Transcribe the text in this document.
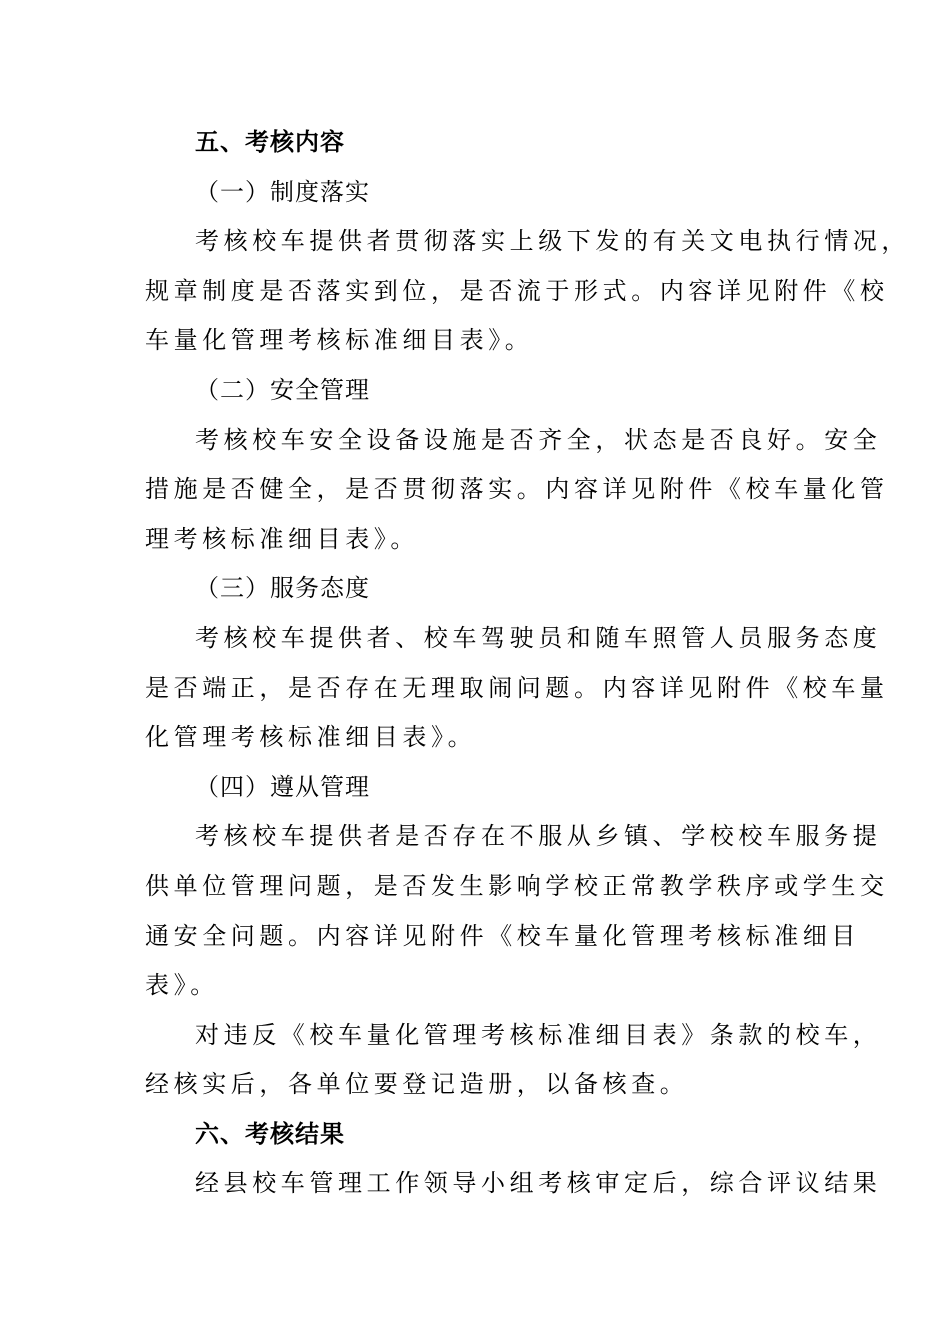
五、考核内容
（一）制度落实
考核校车提供者贯彻落实上级下发的有关文电执行情况，
规章制度是否落实到位，是否流于形式。内容详见附件《校
车量化管理考核标准细目表》。
（二）安全管理
考核校车安全设备设施是否齐全，状态是否良好。安全
措施是否健全，是否贯彻落实。内容详见附件《校车量化管
理考核标准细目表》。
（三）服务态度
考核校车提供者、校车驾驶员和随车照管人员服务态度
是否端正，是否存在无理取闹问题。内容详见附件《校车量
化管理考核标准细目表》。
（四）遵从管理
考核校车提供者是否存在不服从乡镇、学校校车服务提
供单位管理问题，是否发生影响学校正常教学秩序或学生交
通安全问题。内容详见附件《校车量化管理考核标准细目
表》。
对违反《校车量化管理考核标准细目表》条款的校车，
经核实后，各单位要登记造册，以备核查。
六、考核结果
经县校车管理工作领导小组考核审定后，综合评议结果
